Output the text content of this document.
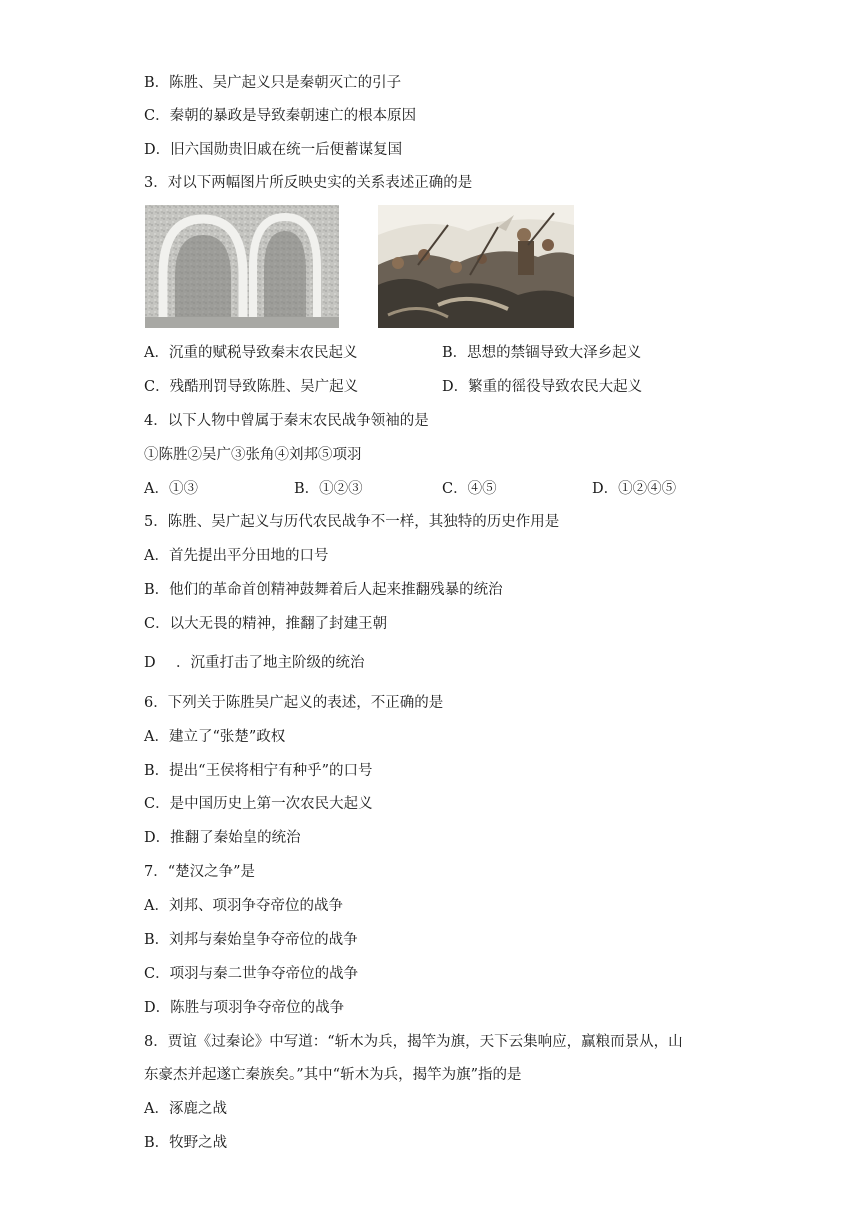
B．陈胜、吴广起义只是秦朝灭亡的引子
C．秦朝的暴政是导致秦朝速亡的根本原因
D．旧六国勋贵旧戚在统一后便蓄谋复国
3．对以下两幅图片所反映史实的关系表述正确的是
A．沉重的赋税导致秦末农民起义	B．思想的禁锢导致大泽乡起义
C．残酷刑罚导致陈胜、吴广起义	D．繁重的徭役导致农民大起义
4．以下人物中曾属于秦末农民战争领袖的是
①陈胜②吴广③张角④刘邦⑤项羽
A．①③	B．①②③	C．④⑤	D．①②④⑤
5．陈胜、吴广起义与历代农民战争不一样，其独特的历史作用是
A．首先提出平分田地的口号
B．他们的革命首创精神鼓舞着后人起来推翻残暴的统治
C．以大无畏的精神，推翻了封建王朝
D ．沉重打击了地主阶级的统治
6．下列关于陈胜吴广起义的表述，不正确的是
A．建立了“张楚”政权
B．提出“王侯将相宁有种乎”的口号
C．是中国历史上第一次农民大起义
D．推翻了秦始皇的统治
7．“楚汉之争”是
A．刘邦、项羽争夺帝位的战争
B．刘邦与秦始皇争夺帝位的战争
C．项羽与秦二世争夺帝位的战争
D．陈胜与项羽争夺帝位的战争
8．贾谊《过秦论》中写道：“斩木为兵，揭竿为旗，天下云集响应，赢粮而景从，山
东豪杰并起遂亡秦族矣。”其中“斩木为兵，揭竿为旗”指的是
A．涿鹿之战
B．牧野之战
